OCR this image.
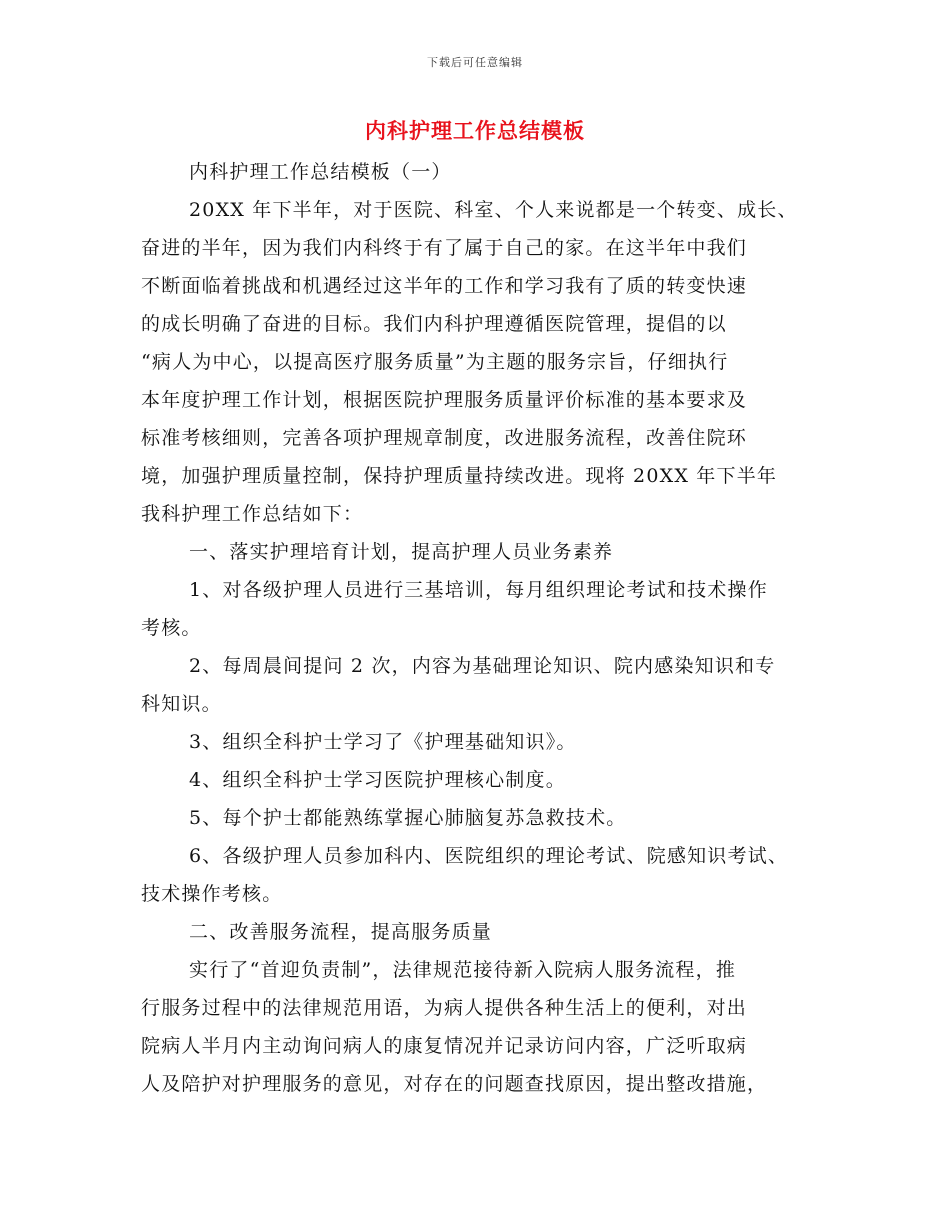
下载后可任意编辑
内科护理工作总结模板
内科护理工作总结模板（一）
20XX 年下半年，对于医院、科室、个人来说都是一个转变、成长、
奋进的半年，因为我们内科终于有了属于自己的家。在这半年中我们
不断面临着挑战和机遇经过这半年的工作和学习我有了质的转变快速
的成长明确了奋进的目标。我们内科护理遵循医院管理，提倡的以
“病人为中心，以提高医疗服务质量”为主题的服务宗旨，仔细执行
本年度护理工作计划，根据医院护理服务质量评价标准的基本要求及
标准考核细则，完善各项护理规章制度，改进服务流程，改善住院环
境，加强护理质量控制，保持护理质量持续改进。现将 20XX 年下半年
我科护理工作总结如下：
一、落实护理培育计划，提高护理人员业务素养
1、对各级护理人员进行三基培训，每月组织理论考试和技术操作
考核。
2、每周晨间提问 2 次，内容为基础理论知识、院内感染知识和专
科知识。
3、组织全科护士学习了《护理基础知识》。
4、组织全科护士学习医院护理核心制度。
5、每个护士都能熟练掌握心肺脑复苏急救技术。
6、各级护理人员参加科内、医院组织的理论考试、院感知识考试、
技术操作考核。
二、改善服务流程，提高服务质量
实行了“首迎负责制”，法律规范接待新入院病人服务流程，推
行服务过程中的法律规范用语，为病人提供各种生活上的便利，对出
院病人半月内主动询问病人的康复情况并记录访问内容，广泛听取病
人及陪护对护理服务的意见，对存在的问题查找原因，提出整改措施，
